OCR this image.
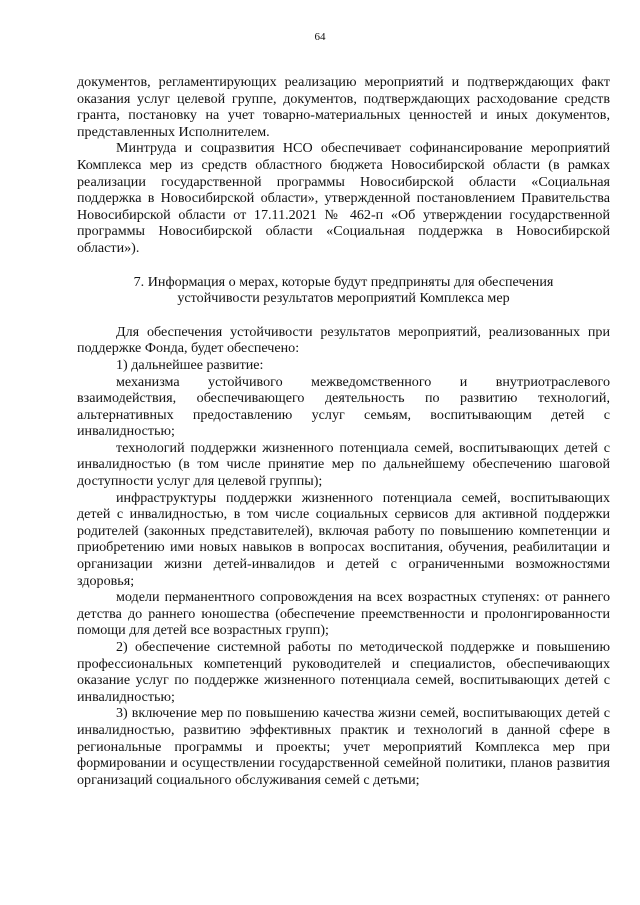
64

документов, регламентирующих реализацию мероприятий и подтверждающих факт оказания услуг целевой группе, документов, подтверждающих расходование средств гранта, постановку на учет товарно-материальных ценностей и иных документов, представленных Исполнителем.

Минтруда и соцразвития НСО обеспечивает софинансирование мероприятий Комплекса мер из средств областного бюджета Новосибирской области (в рамках реализации государственной программы Новосибирской области «Социальная поддержка в Новосибирской области», утвержденной постановлением Правительства Новосибирской области от 17.11.2021 № 462-п «Об утверждении государственной программы Новосибирской области «Социальная поддержка в Новосибирской области»).

7. Информация о мерах, которые будут предприняты для обеспечения устойчивости результатов мероприятий Комплекса мер

Для обеспечения устойчивости результатов мероприятий, реализованных при поддержке Фонда, будет обеспечено:

1) дальнейшее развитие:

механизма устойчивого межведомственного и внутриотраслевого взаимодействия, обеспечивающего деятельность по развитию технологий, альтернативных предоставлению услуг семьям, воспитывающим детей с инвалидностью;

технологий поддержки жизненного потенциала семей, воспитывающих детей с инвалидностью (в том числе принятие мер по дальнейшему обеспечению шаговой доступности услуг для целевой группы);

инфраструктуры поддержки жизненного потенциала семей, воспитывающих детей с инвалидностью, в том числе социальных сервисов для активной поддержки родителей (законных представителей), включая работу по повышению компетенции и приобретению ими новых навыков в вопросах воспитания, обучения, реабилитации и организации жизни детей-инвалидов и детей с ограниченными возможностями здоровья;

модели перманентного сопровождения на всех возрастных ступенях: от раннего детства до раннего юношества (обеспечение преемственности и пролонгированности помощи для детей все возрастных групп);

2) обеспечение системной работы по методической поддержке и повышению профессиональных компетенций руководителей и специалистов, обеспечивающих оказание услуг по поддержке жизненного потенциала семей, воспитывающих детей с инвалидностью;

3) включение мер по повышению качества жизни семей, воспитывающих детей с инвалидностью, развитию эффективных практик и технологий в данной сфере в региональные программы и проекты; учет мероприятий Комплекса мер при формировании и осуществлении государственной семейной политики, планов развития организаций социального обслуживания семей с детьми;
